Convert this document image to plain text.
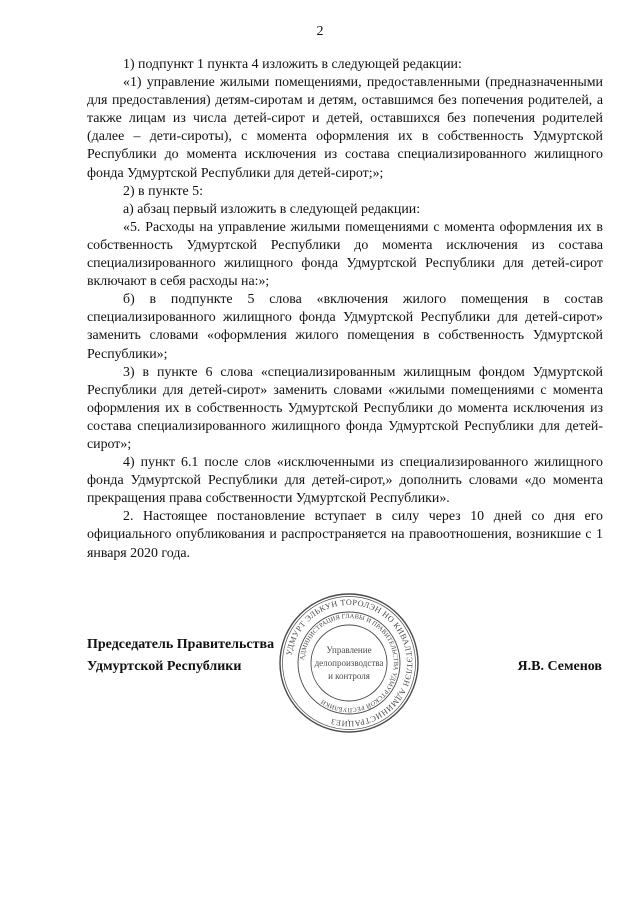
2

1) подпункт 1 пункта 4 изложить в следующей редакции:

«1) управление жилыми помещениями, предоставленными (предназначенными для предоставления) детям-сиротам и детям, оставшимся без попечения родителей, а также лицам из числа детей-сирот и детей, оставшихся без попечения родителей (далее – дети-сироты), с момента оформления их в собственность Удмуртской Республики до момента исключения из состава специализированного жилищного фонда Удмуртской Республики для детей-сирот;»;

2) в пункте 5:

а) абзац первый изложить в следующей редакции:

«5. Расходы на управление жилыми помещениями с момента оформления их в собственность Удмуртской Республики до момента исключения из состава специализированного жилищного фонда Удмуртской Республики для детей-сирот включают в себя расходы на:»;

б) в подпункте 5 слова «включения жилого помещения в состав специализированного жилищного фонда Удмуртской Республики для детей-сирот» заменить словами «оформления жилого помещения в собственность Удмуртской Республики»;

3) в пункте 6 слова «специализированным жилищным фондом Удмуртской Республики для детей-сирот» заменить словами «жилыми помещениями с момента оформления их в собственность Удмуртской Республики до момента исключения из состава специализированного жилищного фонда Удмуртской Республики для детей-сирот»;

4) пункт 6.1 после слов «исключенными из специализированного жилищного фонда Удмуртской Республики для детей-сирот,» дополнить словами «до момента прекращения права собственности Удмуртской Республики».

2. Настоящее постановление вступает в силу через 10 дней со дня его официального опубликования и распространяется на правоотношения, возникшие с 1 января 2020 года.

Председатель Правительства
Удмуртской Республики	Я.В. Семенов
УДМУРТ ЭЛЬКУН ТОРОЛЭН НО КИВАЛТЭТЛЭН АДМИНИСТРАЦИЕЗ
АДМИНИСТРАЦИЯ ГЛАВЫ И ПРАВИТЕЛЬСТВА УДМУРТСКОЙ РЕСПУБЛИКИ
Управление
делопроизводства
и контроля
